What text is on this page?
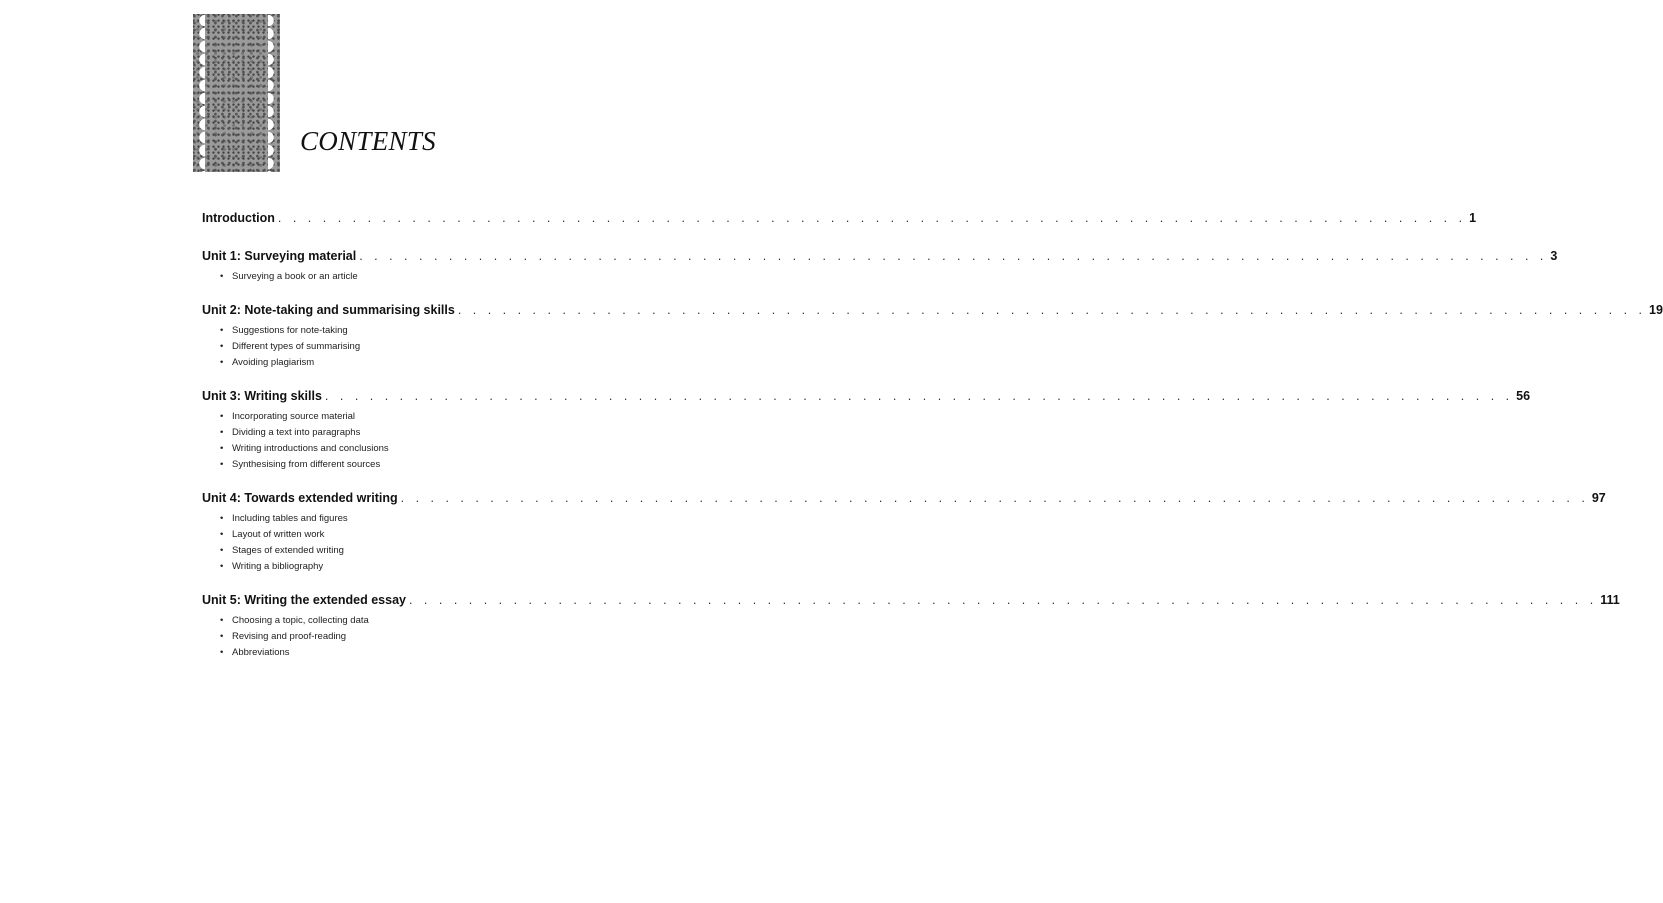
CONTENTS
Introduction . . . . . . . . . . . . . . . . . . . . . . . . . . . . . . . . . . . . . . . . . . . . . . . . . . . . . . . . . . . . . . . . . . . . . . . . . . . . . . . . 1
Unit 1: Surveying material . . . . . . . . . . . . . . . . . . . . . . . . . . . . . . . . . . . . . . . . . . . . . . . . . . . . . . . . . . . . . . . . . . . . . . . . . . . . . . . . 3
• Surveying a book or an article
Unit 2: Note-taking and summarising skills . . . . . . . . . . . . . . . . . . . . . . . . . . . . . . . . . . . . . . . . . . . . . . . . . . . . . . . . . . . . . . . . . . . . . . . . . . . . . . . . 19
• Suggestions for note-taking
• Different types of summarising
• Avoiding plagiarism
Unit 3: Writing skills . . . . . . . . . . . . . . . . . . . . . . . . . . . . . . . . . . . . . . . . . . . . . . . . . . . . . . . . . . . . . . . . . . . . . . . . . . . . . . . . 56
• Incorporating source material
• Dividing a text into paragraphs
• Writing introductions and conclusions
• Synthesising from different sources
Unit 4: Towards extended writing . . . . . . . . . . . . . . . . . . . . . . . . . . . . . . . . . . . . . . . . . . . . . . . . . . . . . . . . . . . . . . . . . . . . . . . . . . . . . . . . 97
• Including tables and figures
• Layout of written work
• Stages of extended writing
• Writing a bibliography
Unit 5: Writing the extended essay . . . . . . . . . . . . . . . . . . . . . . . . . . . . . . . . . . . . . . . . . . . . . . . . . . . . . . . . . . . . . . . . . . . . . . . . . . . . . . . . 111
• Choosing a topic, collecting data
• Revising and proof-reading
• Abbreviations
